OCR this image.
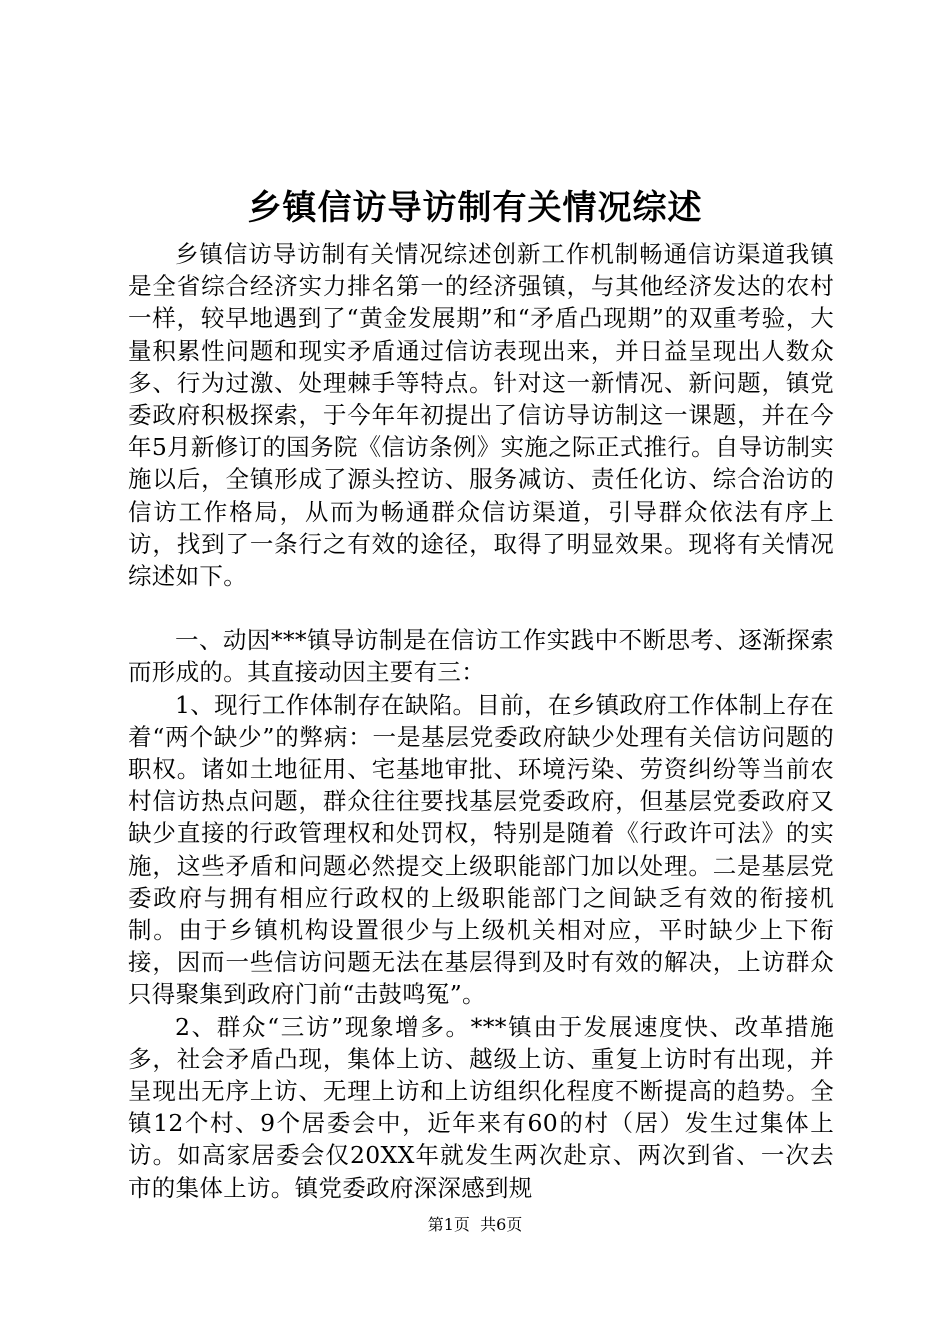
乡镇信访导访制有关情况综述

乡镇信访导访制有关情况综述创新工作机制畅通信访渠道我镇是全省综合经济实力排名第一的经济强镇，与其他经济发达的农村一样，较早地遇到了“黄金发展期”和“矛盾凸现期”的双重考验，大量积累性问题和现实矛盾通过信访表现出来，并日益呈现出人数众多、行为过激、处理棘手等特点。针对这一新情况、新问题，镇党委政府积极探索，于今年年初提出了信访导访制这一课题，并在今年5月新修订的国务院《信访条例》实施之际正式推行。自导访制实施以后，全镇形成了源头控访、服务减访、责任化访、综合治访的信访工作格局，从而为畅通群众信访渠道，引导群众依法有序上访，找到了一条行之有效的途径，取得了明显效果。现将有关情况综述如下。

一、动因***镇导访制是在信访工作实践中不断思考、逐渐探索而形成的。其直接动因主要有三：

1、现行工作体制存在缺陷。目前，在乡镇政府工作体制上存在着“两个缺少”的弊病：一是基层党委政府缺少处理有关信访问题的职权。诸如土地征用、宅基地审批、环境污染、劳资纠纷等当前农村信访热点问题，群众往往要找基层党委政府，但基层党委政府又缺少直接的行政管理权和处罚权，特别是随着《行政许可法》的实施，这些矛盾和问题必然提交上级职能部门加以处理。二是基层党委政府与拥有相应行政权的上级职能部门之间缺乏有效的衔接机制。由于乡镇机构设置很少与上级机关相对应，平时缺少上下衔接，因而一些信访问题无法在基层得到及时有效的解决，上访群众只得聚集到政府门前“击鼓鸣冤”。

2、群众“三访”现象增多。***镇由于发展速度快、改革措施多，社会矛盾凸现，集体上访、越级上访、重复上访时有出现，并呈现出无序上访、无理上访和上访组织化程度不断提高的趋势。全镇12个村、9个居委会中，近年来有60的村（居）发生过集体上访。如高家居委会仅20XX年就发生两次赴京、两次到省、一次去市的集体上访。镇党委政府深深感到规

第1页 共6页
